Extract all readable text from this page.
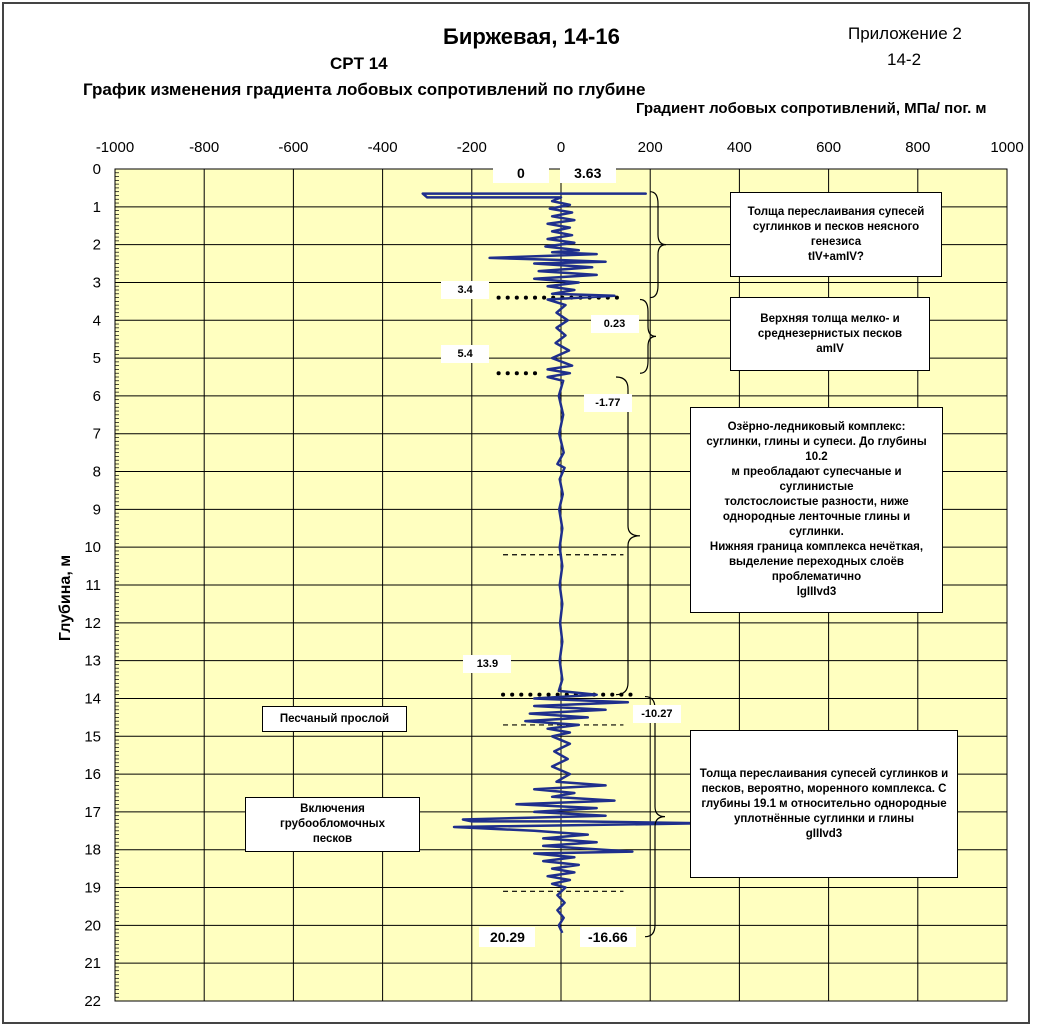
Биржевая, 14-16	Приложение 2
14-2
CPT 14
График изменения градиента лобовых сопротивлений по глубине
Градиент лобовых сопротивлений, МПа/ пог. м
Глубина, м
-1000	-800	-600	-400	-200	0	200	400	600	800	1000
0
1
2
3
4
5
6
7
8
9
10
11
12
13
14
15
16
17
18
19
20
21
22
0	3.63
3.4
0.23
5.4
-1.77
13.9
-10.27
20.29	-16.66
Толща переслаивания супесей
суглинков и песков неясного
генезиса
tIV+amIV?
Верхняя толща мелко- и
среднезернистых песков
amIV
Озёрно-ледниковый комплекс:
суглинки, глины и супеси. До глубины 10.2
м преобладают супесчаные и суглинистые
толстослоистые разности, ниже
однородные ленточные глины и суглинки.
Нижняя граница комплекса нечёткая,
выделение переходных слоёв
проблематично
lgIIIvd3
Толща переслаивания супесей суглинков и
песков, вероятно, моренного комплекса. С
глубины 19.1 м относительно однородные
уплотнённые суглинки и глины
gIIIvd3
Песчаный прослой
Включения грубообломочных
песков
